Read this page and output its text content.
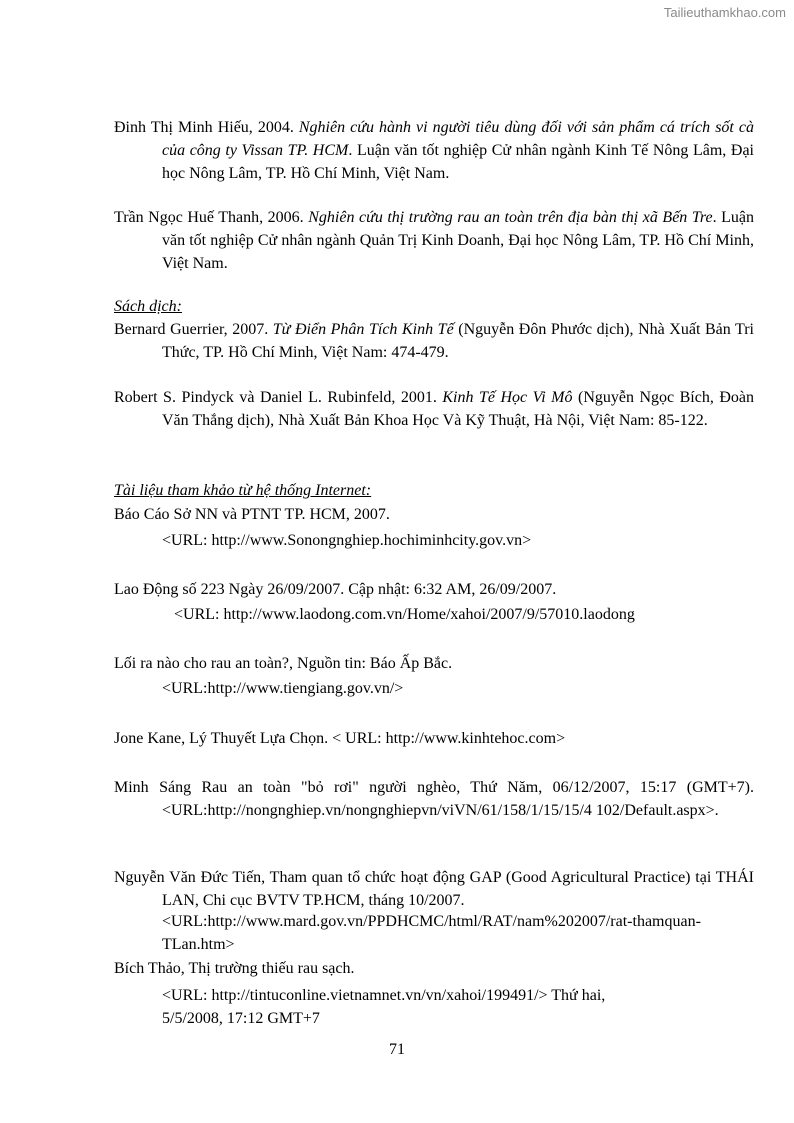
Tailieuthamkhao.com
Đinh Thị Minh Hiếu, 2004. Nghiên cứu hành vi người tiêu dùng đối với sản phẩm cá trích sốt cà của công ty Vissan TP. HCM. Luận văn tốt nghiệp Cử nhân ngành Kinh Tế Nông Lâm, Đại học Nông Lâm, TP. Hồ Chí Minh, Việt Nam.
Trần Ngọc Huế Thanh, 2006. Nghiên cứu thị trường rau an toàn trên địa bàn thị xã Bến Tre. Luận văn tốt nghiệp Cử nhân ngành Quản Trị Kinh Doanh, Đại học Nông Lâm, TP. Hồ Chí Minh, Việt Nam.
Sách dịch:
Bernard Guerrier, 2007. Từ Điển Phân Tích Kinh Tế (Nguyễn Đôn Phước dịch), Nhà Xuất Bản Tri Thức, TP. Hồ Chí Minh, Việt Nam: 474-479.
Robert S. Pindyck và Daniel L. Rubinfeld, 2001. Kinh Tế Học Vi Mô (Nguyễn Ngọc Bích, Đoàn Văn Thắng dịch), Nhà Xuất Bản Khoa Học Và Kỹ Thuật, Hà Nội, Việt Nam: 85-122.
Tài liệu tham khảo từ hệ thống Internet:
Báo Cáo Sở NN và PTNT TP. HCM, 2007.
<URL: http://www.Sonongnghiep.hochiminhcity.gov.vn>
Lao Động số 223 Ngày 26/09/2007. Cập nhật: 6:32 AM, 26/09/2007.
<URL: http://www.laodong.com.vn/Home/xahoi/2007/9/57010.laodong
Lối ra nào cho rau an toàn?, Nguồn tin: Báo Ấp Bắc.
<URL:http://www.tiengiang.gov.vn/>
Jone Kane, Lý Thuyết Lựa Chọn. < URL: http://www.kinhtehoc.com>
Minh Sáng Rau an toàn "bỏ rơi" người nghèo, Thứ Năm, 06/12/2007, 15:17 (GMT+7).<URL:http://nongnghiep.vn/nongnghiepvn/viVN/61/158/1/15/15/4 102/Default.aspx>.
Nguyễn Văn Đức Tiến, Tham quan tổ chức hoạt động GAP (Good Agricultural Practice) tại THÁI LAN, Chi cục BVTV TP.HCM, tháng 10/2007.
<URL:http://www.mard.gov.vn/PPDHCMC/html/RAT/nam%202007/rat-thamquan-TLan.htm>
Bích Thảo, Thị trường thiếu rau sạch.
<URL: http://tintuconline.vietnamnet.vn/vn/xahoi/199491/> Thứ hai, 5/5/2008, 17:12 GMT+7
71
